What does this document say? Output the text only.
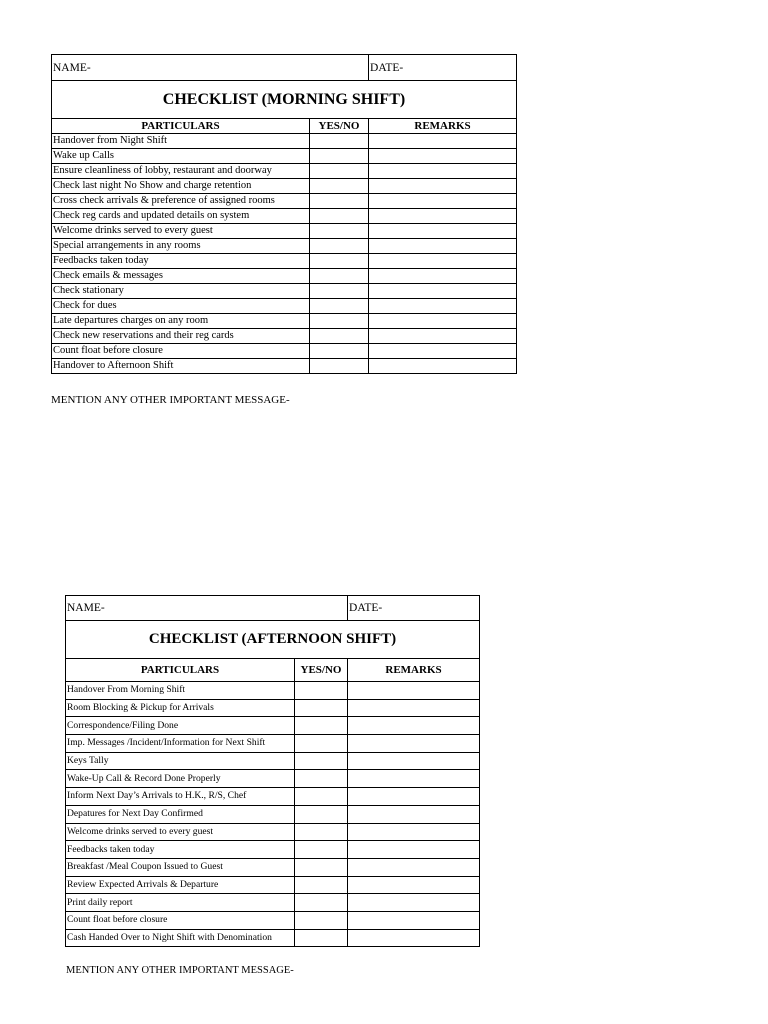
NAME-		DATE-
CHECKLIST (MORNING SHIFT)		
PARTICULARS	YES/NO	REMARKS
Handover from Night Shift		
Wake up Calls		
Ensure cleanliness of lobby, restaurant and doorway		
Check last night No Show and charge retention		
Cross check arrivals & preference of assigned rooms		
Check reg cards and updated details on system		
Welcome drinks served to every guest		
Special arrangements in any rooms		
Feedbacks taken today		
Check emails & messages		
Check stationary		
Check for dues		
Late departures charges on any room		
Check new reservations and their reg cards		
Count float before closure		
Handover to Afternoon Shift		
MENTION ANY OTHER IMPORTANT MESSAGE-
NAME-		DATE-
CHECKLIST (AFTERNOON SHIFT)		
PARTICULARS	YES/NO	REMARKS
Handover From Morning Shift		
Room Blocking & Pickup for Arrivals		
Correspondence/Filing Done		
Imp. Messages /Incident/Information for Next Shift		
Keys Tally		
Wake-Up Call & Record Done Properly		
Inform Next Day’s Arrivals to H.K., R/S, Chef		
Depatures for Next Day Confirmed		
Welcome drinks served to every guest		
Feedbacks taken today		
Breakfast /Meal Coupon Issued to Guest		
Review Expected Arrivals & Departure		
Print daily report		
Count float before closure		
Cash Handed Over to Night Shift with Denomination		
MENTION ANY OTHER IMPORTANT MESSAGE-
